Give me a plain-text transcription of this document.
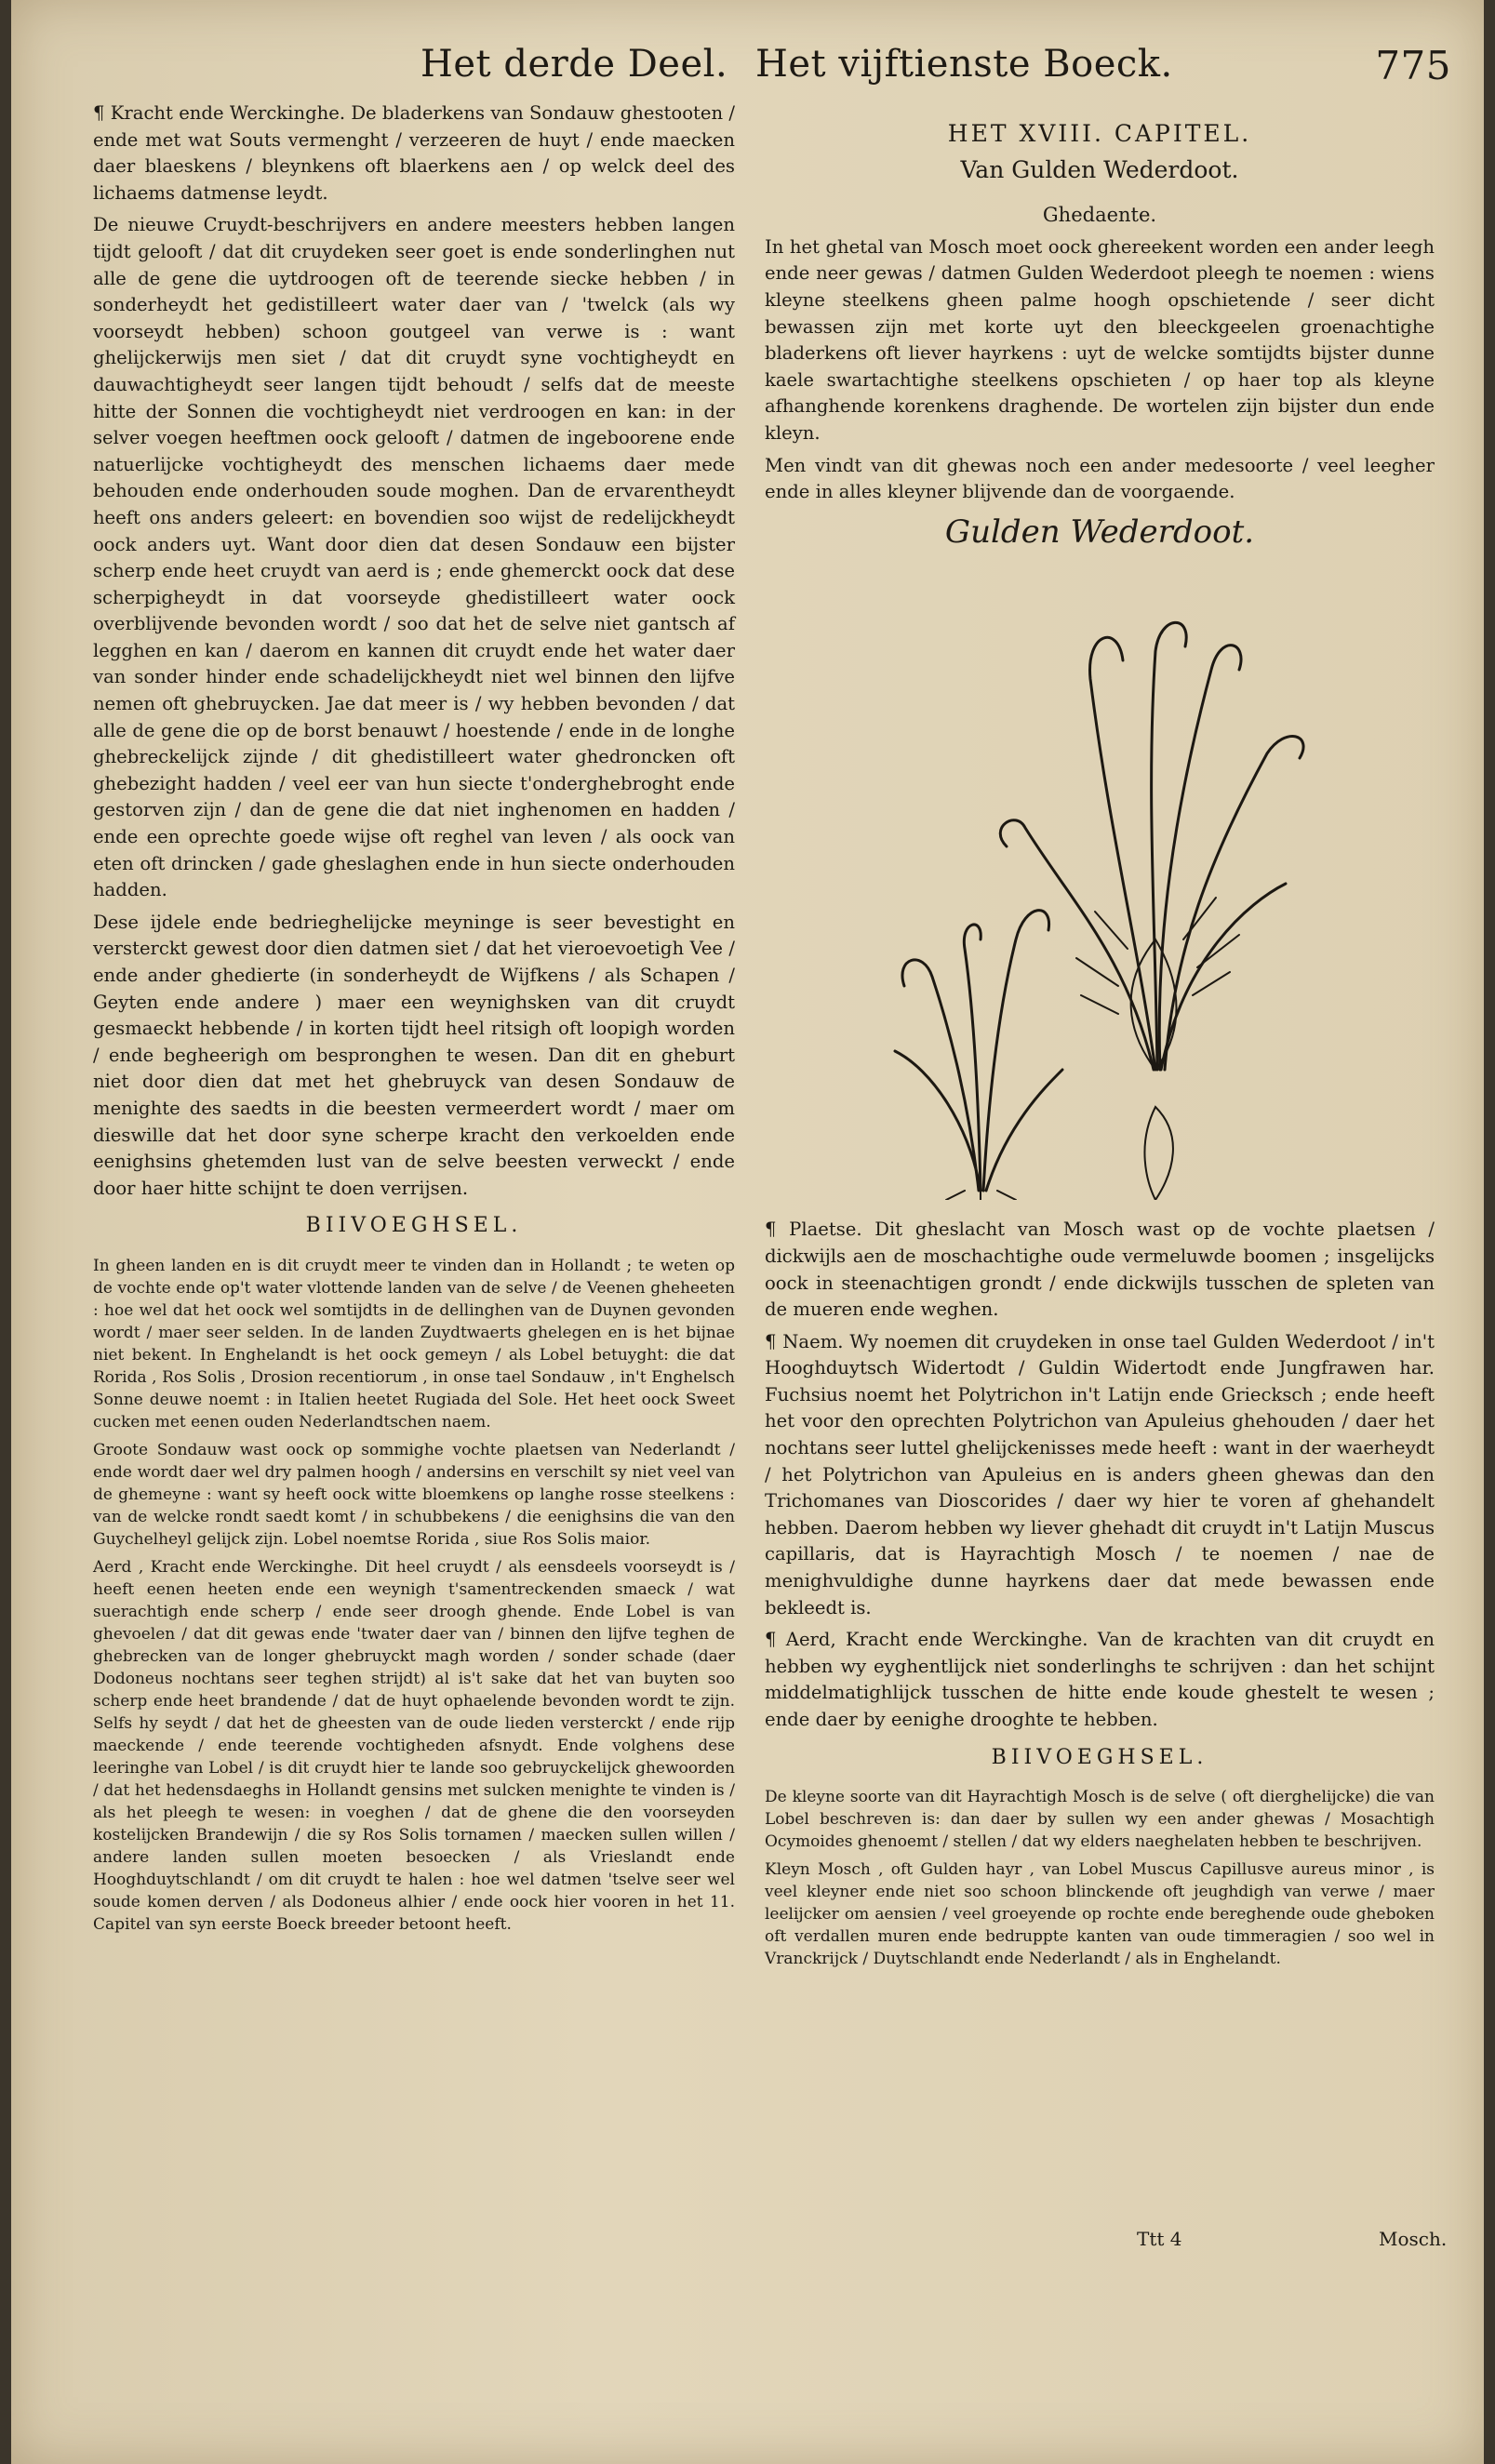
Het derde Deel. Het vijftienste Boeck.	775

¶ Kracht ende Werckinghe. De bladerkens van Sondauw ghestooten / ende met wat Souts vermenght / verzeeren de huyt / ende maecken daer blaeskens / bleynkens oft blaerkens aen / op welck deel des lichaems datmense leydt.

De nieuwe Cruydt-beschrijvers en andere meesters hebben langen tijdt gelooft / dat dit cruydeken seer goet is ende sonderlinghen nut alle de gene die uytdroogen oft de teerende siecke hebben / in sonderheydt het gedistilleert water daer van / 'twelck (als wy voorseydt hebben) schoon goutgeel van verwe is : want ghelijckerwijs men siet / dat dit cruydt syne vochtigheydt en dauwachtigheydt seer langen tijdt behoudt / selfs dat de meeste hitte der Sonnen die vochtigheydt niet verdroogen en kan: in der selver voegen heeftmen oock gelooft / datmen de ingeboorene ende natuerlijcke vochtigheydt des menschen lichaems daer mede behouden ende onderhouden soude moghen. Dan de ervarentheydt heeft ons anders geleert: en bovendien soo wijst de redelijckheydt oock anders uyt. Want door dien dat desen Sondauw een bijster scherp ende heet cruydt van aerd is ; ende ghemerckt oock dat dese scherpigheydt in dat voorseyde ghedistilleert water oock overblijvende bevonden wordt / soo dat het de selve niet gantsch af legghen en kan / daerom en kannen dit cruydt ende het water daer van sonder hinder ende schadelijckheydt niet wel binnen den lijfve nemen oft ghebruycken. Jae dat meer is / wy hebben bevonden / dat alle de gene die op de borst benauwt / hoestende / ende in de longhe ghebreckelijck zijnde / dit ghedistilleert water ghedroncken oft ghebezight hadden / veel eer van hun siecte t'onderghebroght ende gestorven zijn / dan de gene die dat niet inghenomen en hadden / ende een oprechte goede wijse oft reghel van leven / als oock van eten oft drincken / gade gheslaghen ende in hun siecte onderhouden hadden.

Dese ijdele ende bedrieghelijcke meyninge is seer bevestight en versterckt gewest door dien datmen siet / dat het vieroevoetigh Vee / ende ander ghedierte (in sonderheydt de Wijfkens / als Schapen / Geyten ende andere ) maer een weynighsken van dit cruydt gesmaeckt hebbende / in korten tijdt heel ritsigh oft loopigh worden / ende begheerigh om bespronghen te wesen. Dan dit en gheburt niet door dien dat met het ghebruyck van desen Sondauw de menighte des saedts in die beesten vermeerdert wordt / maer om dieswille dat het door syne scherpe kracht den verkoelden ende eenighsins ghetemden lust van de selve beesten verweckt / ende door haer hitte schijnt te doen verrijsen.

BIIVOEGHSEL.

In gheen landen en is dit cruydt meer te vinden dan in Hollandt ; te weten op de vochte ende op't water vlottende landen van de selve / de Veenen gheheeten : hoe wel dat het oock wel somtijdts in de dellinghen van de Duynen gevonden wordt / maer seer selden. In de landen Zuydtwaerts ghelegen en is het bijnae niet bekent. In Enghelandt is het oock gemeyn / als Lobel betuyght: die dat Rorida , Ros Solis , Drosion recentiorum , in onse tael Sondauw , in't Enghelsch Sonne deuwe noemt : in Italien heetet Rugiada del Sole. Het heet oock Sweet cucken met eenen ouden Nederlandtschen naem.

Groote Sondauw wast oock op sommighe vochte plaetsen van Nederlandt / ende wordt daer wel dry palmen hoogh / andersins en verschilt sy niet veel van de ghemeyne : want sy heeft oock witte bloemkens op langhe rosse steelkens : van de welcke rondt saedt komt / in schubbekens / die eenighsins die van den Guychelheyl gelijck zijn. Lobel noemtse Rorida , siue Ros Solis maior.

Aerd , Kracht ende Werckinghe. Dit heel cruydt / als eensdeels voorseydt is / heeft eenen heeten ende een weynigh t'samentreckenden smaeck / wat suerachtigh ende scherp / ende seer droogh ghende. Ende Lobel is van ghevoelen / dat dit gewas ende 'twater daer van / binnen den lijfve teghen de ghebrecken van de longer ghebruyckt magh worden / sonder schade (daer Dodoneus nochtans seer teghen strijdt) al is't sake dat het van buyten soo scherp ende heet brandende / dat de huyt ophaelende bevonden wordt te zijn. Selfs hy seydt / dat het de gheesten van de oude lieden versterckt / ende rijp maeckende / ende teerende vochtigheden afsnydt. Ende volghens dese leeringhe van Lobel / is dit cruydt hier te lande soo gebruyckelijck ghewoorden / dat het hedensdaeghs in Hollandt gensins met sulcken menighte te vinden is / als het pleegh te wesen: in voeghen / dat de ghene die den voorseyden kostelijcken Brandewijn / die sy Ros Solis tornamen / maecken sullen willen / andere landen sullen moeten besoecken / als Vrieslandt ende Hooghduytschlandt / om dit cruydt te halen : hoe wel datmen 'tselve seer wel soude komen derven / als Dodoneus alhier / ende oock hier vooren in het 11. Capitel van syn eerste Boeck breeder betoont heeft.

HET XVIII. CAPITEL.
Van Gulden Wederdoot.
Ghedaente.

In het ghetal van Mosch moet oock ghereekent worden een ander leegh ende neer gewas / datmen Gulden Wederdoot pleegh te noemen : wiens kleyne steelkens gheen palme hoogh opschietende / seer dicht bewassen zijn met korte uyt den bleeckgeelen groenachtighe bladerkens oft liever hayrkens : uyt de welcke somtijdts bijster dunne kaele swartachtighe steelkens opschieten / op haer top als kleyne afhanghende korenkens draghende. De wortelen zijn bijster dun ende kleyn.

Men vindt van dit ghewas noch een ander medesoorte / veel leegher ende in alles kleyner blijvende dan de voorgaende.

Gulden Wederdoot.

¶ Plaetse. Dit gheslacht van Mosch wast op de vochte plaetsen / dickwijls aen de moschachtighe oude vermeluwde boomen ; insgelijcks oock in steenachtigen grondt / ende dickwijls tusschen de spleten van de mueren ende weghen.

¶ Naem. Wy noemen dit cruydeken in onse tael Gulden Wederdoot / in't Hooghduytsch Widertodt / Guldin Widertodt ende Jungfrawen har. Fuchsius noemt het Polytrichon in't Latijn ende Griecksch ; ende heeft het voor den oprechten Polytrichon van Apuleius ghehouden / daer het nochtans seer luttel ghelijckenisses mede heeft : want in der waerheydt / het Polytrichon van Apuleius en is anders gheen ghewas dan den Trichomanes van Dioscorides / daer wy hier te voren af ghehandelt hebben. Daerom hebben wy liever ghehadt dit cruydt in't Latijn Muscus capillaris, dat is Hayrachtigh Mosch / te noemen / nae de menighvuldighe dunne hayrkens daer dat mede bewassen ende bekleedt is.

¶ Aerd, Kracht ende Werckinghe. Van de krachten van dit cruydt en hebben wy eyghentlijck niet sonderlinghs te schrijven : dan het schijnt middelmatighlijck tusschen de hitte ende koude ghestelt te wesen ; ende daer by eenighe drooghte te hebben.

BIIVOEGHSEL.

De kleyne soorte van dit Hayrachtigh Mosch is de selve ( oft dierghelijcke) die van Lobel beschreven is: dan daer by sullen wy een ander ghewas / Mosachtigh Ocymoides ghenoemt / stellen / dat wy elders naeghelaten hebben te beschrijven.

Kleyn Mosch , oft Gulden hayr , van Lobel Muscus Capillusve aureus minor , is veel kleyner ende niet soo schoon blinckende oft jeughdigh van verwe / maer leelijcker om aensien / veel groeyende op rochte ende bereghende oude gheboken oft verdallen muren ende bedruppte kanten van oude timmeragien / soo wel in Vranckrijck / Duytschlandt ende Nederlandt / als in Enghelandt.

Ttt 4	Mosch.
